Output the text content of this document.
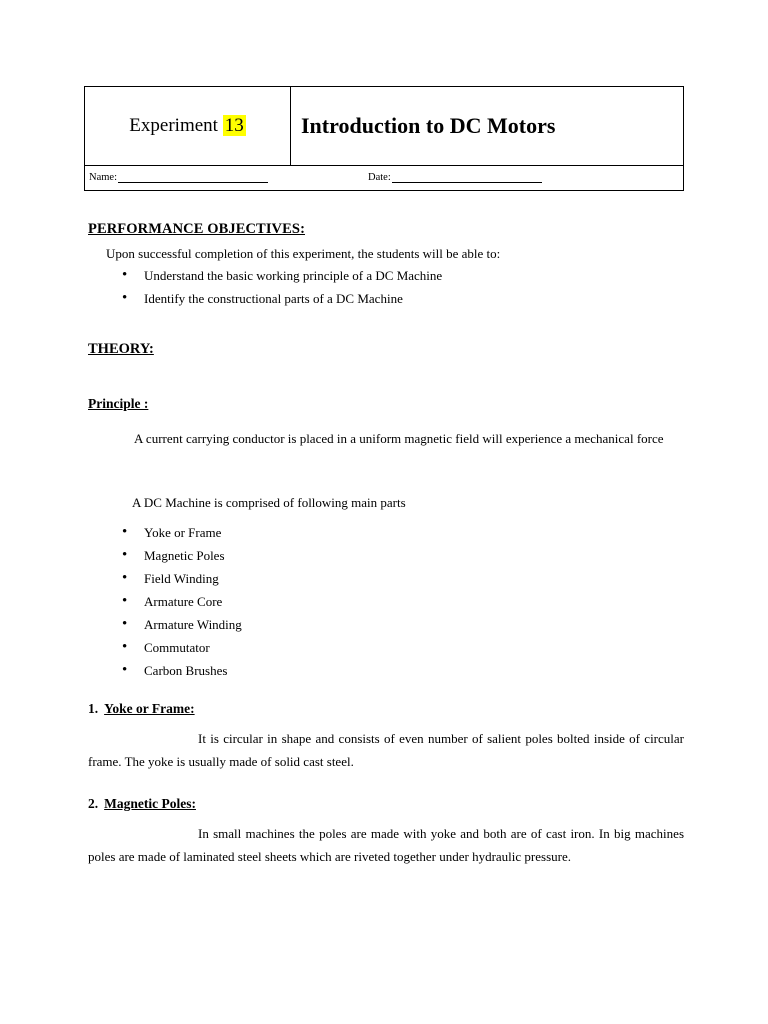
Experiment 13	Introduction to DC Motors

Name:	Date:
PERFORMANCE OBJECTIVES:
Upon successful completion of this experiment, the students will be able to:
• Understand the basic working principle of a DC Machine
• Identify the constructional parts of a DC Machine
THEORY:
Principle :
A current carrying conductor is placed in a uniform magnetic field will experience a mechanical force
A DC Machine is comprised of following main parts
• Yoke or Frame
• Magnetic Poles
• Field Winding
• Armature Core
• Armature Winding
• Commutator
• Carbon Brushes
1. Yoke or Frame:
It is circular in shape and consists of even number of salient poles bolted inside of circular frame. The yoke is usually made of solid cast steel.
2. Magnetic Poles:
In small machines the poles are made with yoke and both are of cast iron. In big machines poles are made of laminated steel sheets which are riveted together under hydraulic pressure.
